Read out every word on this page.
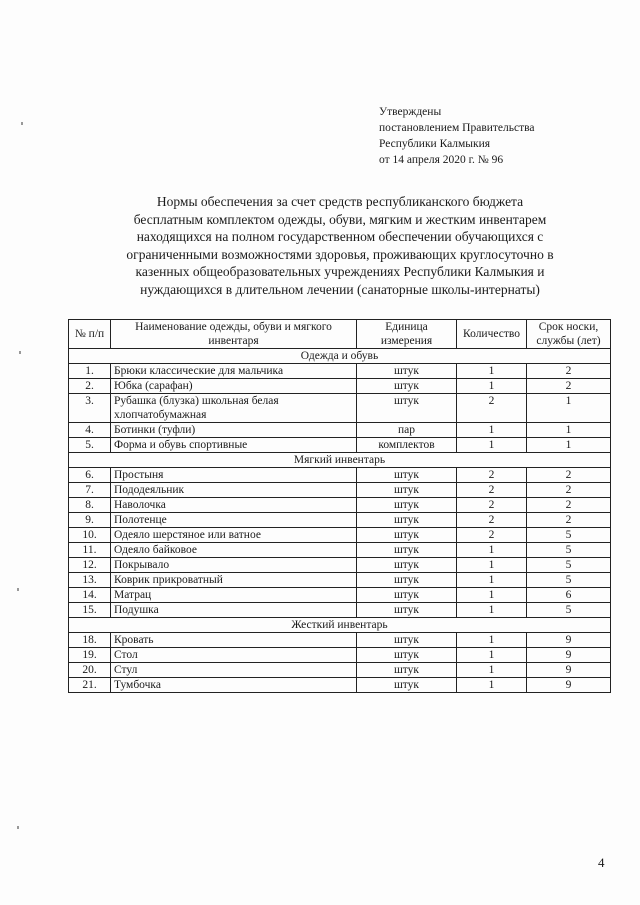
Утверждены
постановлением Правительства
Республики Калмыкия
от 14 апреля 2020 г. № 96
Нормы обеспечения за счет средств республиканского бюджета
бесплатным комплектом одежды, обуви, мягким и жестким инвентарем
находящихся на полном государственном обеспечении обучающихся с
ограниченными возможностями здоровья, проживающих круглосуточно в
казенных общеобразовательных учреждениях Республики Калмыкия и
нуждающихся в длительном лечении (санаторные школы-интернаты)
№ п/п	Наименование одежды, обуви и мягкого инвентаря	Единица измерения	Количество	Срок носки, службы (лет)
Одежда и обувь				
1.	Брюки классические для мальчика	штук	1	2
2.	Юбка (сарафан)	штук	1	2
3.	Рубашка (блузка) школьная белая хлопчатобумажная	штук	2	1
4.	Ботинки (туфли)	пар	1	1
5.	Форма и обувь спортивные	комплектов	1	1
Мягкий инвентарь				
6.	Простыня	штук	2	2
7.	Пододеяльник	штук	2	2
8.	Наволочка	штук	2	2
9.	Полотенце	штук	2	2
10.	Одеяло шерстяное или ватное	штук	2	5
11.	Одеяло байковое	штук	1	5
12.	Покрывало	штук	1	5
13.	Коврик прикроватный	штук	1	5
14.	Матрац	штук	1	6
15.	Подушка	штук	1	5
Жесткий инвентарь				
18.	Кровать	штук	1	9
19.	Стол	штук	1	9
20.	Стул	штук	1	9
21.	Тумбочка	штук	1	9
4
